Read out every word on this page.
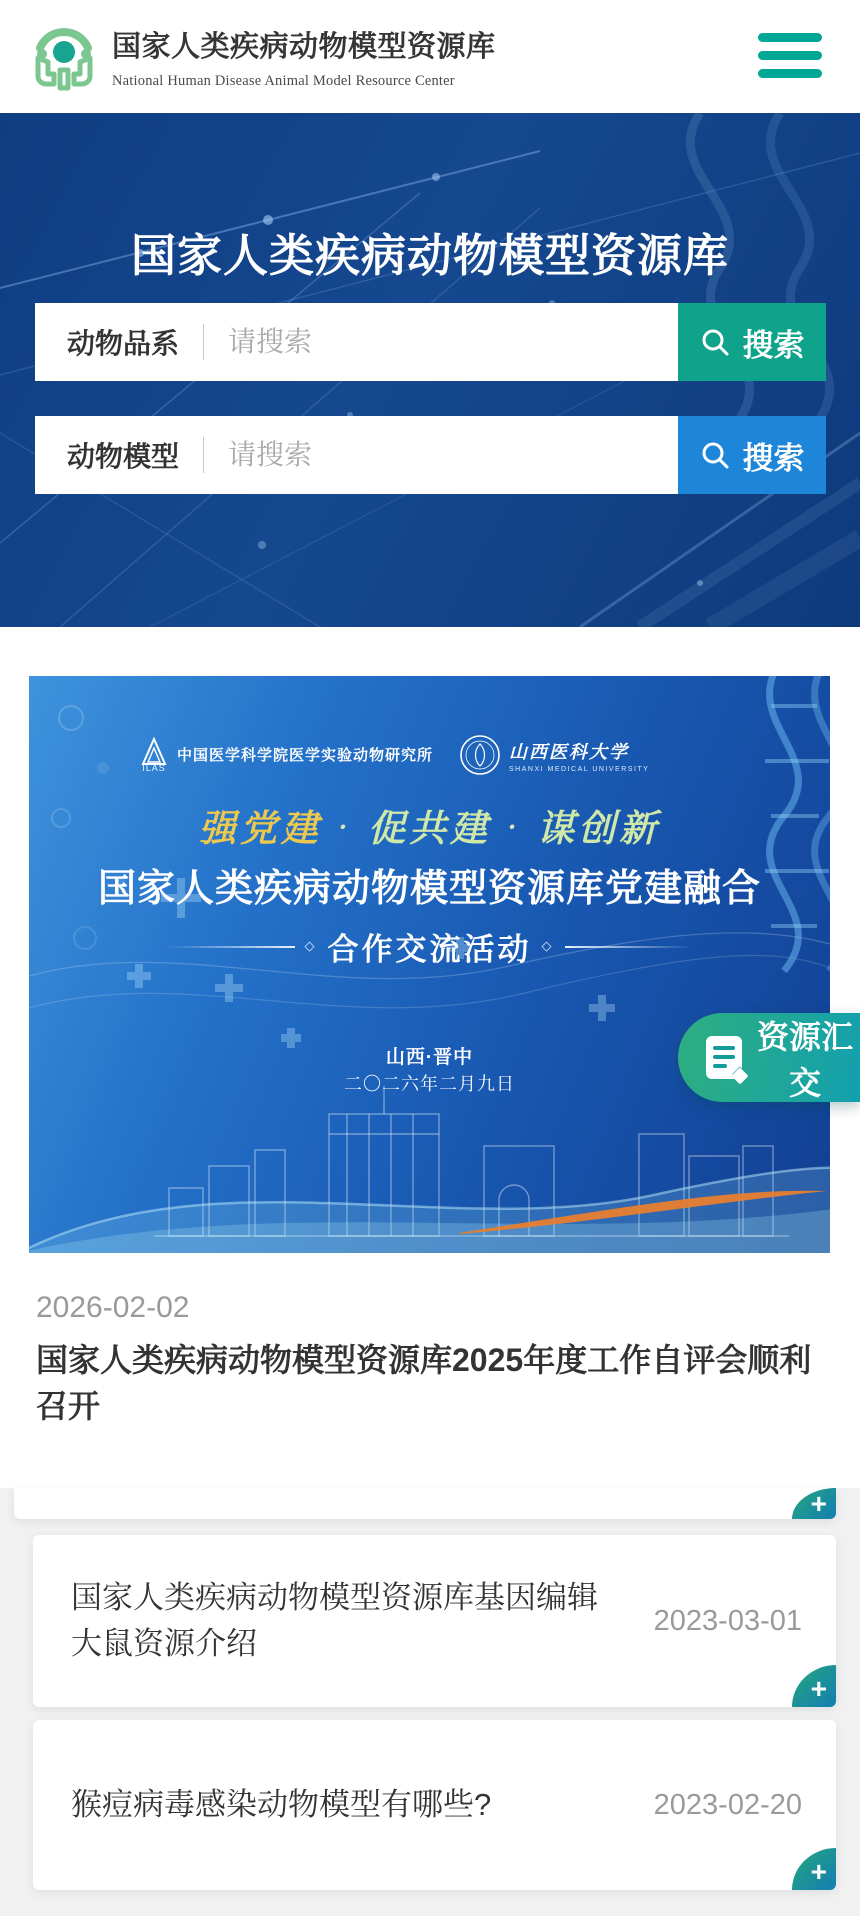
国家人类疾病动物模型资源库
National Human Disease Animal Model Resource Center
国家人类疾病动物模型资源库
动物品系
请搜索	搜索
动物模型
请搜索	搜索
ILAS
中国医学科学院医学实验动物研究所	山西医科大学
SHANXI MEDICAL UNIVERSITY
强党建 · 促共建 · 谋创新
国家人类疾病动物模型资源库党建融合
◇ 合作交流活动 ◇
山西·晋中
二〇二六年二月九日
资源汇交
2026-02-02
国家人类疾病动物模型资源库2025年度工作自评会顺利召开
+
国家人类疾病动物模型资源库基因编辑大鼠资源介绍
2023-03-01
+
猴痘病毒感染动物模型有哪些?	2023-02-20
+
